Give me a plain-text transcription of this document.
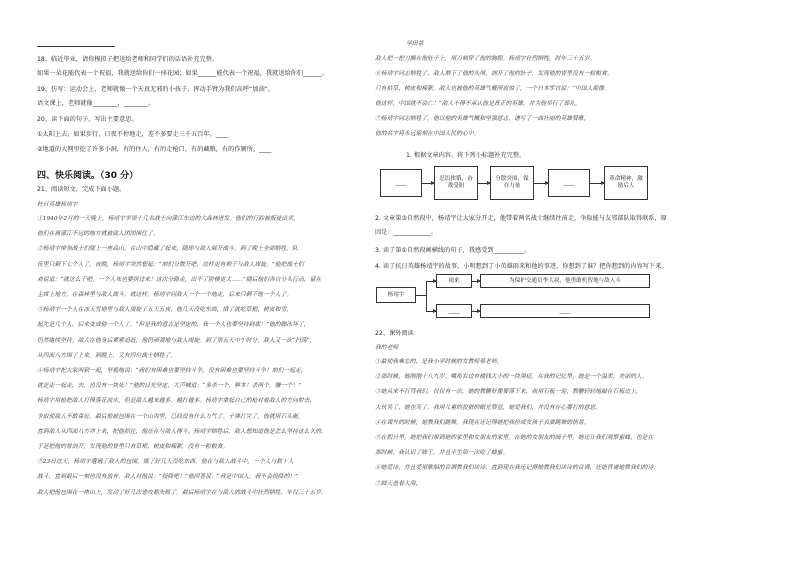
18、临近毕业，请你模拟子把送给老师和同学们的话语补充完整。
如果一朵花能代表一个祝福，我就送给你们一座花园；如果______能代表一个祝福，我就送给你们______。
19、仿写：运动会上，老师就像一个天真无邪的小孩子，挥动手臂为我们高呼“加油”。
语文课上，老师就像________，________。
20、读下面的句子，写出主要意思。
①太阳上去，如果步行，日夜不停地走，差不多要走三千五百年。____
②地道的大网里挖了许多小洞，有的住人，有的走枪口，有的藏粮，有的作厕所。____
四、快乐阅读。（30 分）
21、阅读短文，完成下面小题。
杜日英雄杨靖宇
①1940年2月的一天晚上，杨靖宇率领十几名战士向濛江东边的大森林进发。他们的行踪被叛徒出卖，
他们在离濛江不远的地方就被敌人团团围住了。
②杨靖宇带领战士们爬上一座高山，在山中隐藏了起来，随即与敌人展开战斗。到了晚上全部牺牲，队
伍里只剩下七个人了。夜晚，杨靖宇突然想起：“咱们分散开吧，这样更有利于与敌人周旋。”他把战士们
劝说道：“就这么干吧，一个人死也要拼过来！这次分路走，出不了阶梯更大……”随后他们各自分头行动，留在
主席上地方，在森林里与敌人战斗。就这样，杨靖宇同敌人一个一个地走，后来只剩下他一个人了。
③杨靖宇一个人在冰天雪地里与敌人周旋了五天五夜，他几天没吃东西，饿了就吃草根、树皮和雪，
起先是几个人，后来变成他一个人了。“但是我的意志是坚定的，我一个人也要坚持到底！”他的脚冻坏了，
仍然继续坚持。敌人在他身后紧紧追赶，他仍顽强地与敌人周旋。到了第五天中午时分，敌人又一次“扫荡”，
从四面八方围了上来。到晚上，又有四位战士牺牲了。
④杨靖宇把大家叫到一起，坚毅地说：“我们有困难也要坚持斗争，没有困难也要坚持斗争！咱们一起走，
就是走一起走，去，也没有一块死！”他的目光坚定，大声喊道：“多杀一个，够本！杀两个，赚一个！”
杨靖宇用枪把敌人打得落花流水，但是敌人越来越多，越打越多。杨靖宇拿起自己的枪对着敌人的方向射去，
争取使敌人不敢靠近。最后他被包围在一个山沟里，已经没有什么力气了。子弹打完了，他就用石头砸，
直到敌人从四面八方冲上来，把他抓住，他还在与敌人搏斗。杨靖宇牺牲后，敌人想知道他是怎么坚持这么久的，
于是把他的胃剖开，发现他的胃里只有草根、树皮和棉絮，没有一粒粮食。
⑤23日这天，杨靖宇遭遇了敌人的包围，饿了好几天没吃东西，他在与敌人战斗中，一个人与数十人
战斗，直到最后一刻也没有放弃。敌人对他说：“投降吧！”他回答说：“我是中国人，我不会投降的！”
敌人把他包围在一座山上，发动了好几次进攻都失败了。最后杨靖宇在与敌人的战斗中壮烈牺牲，年仅三十五岁。
学田景
敌人把一把刀搁在他肚子上，用刀刺穿了他的胸膛。杨靖宇壮烈牺牲，时年三十五岁。
⑥杨靖宇同志牺牲了，敌人割下了他的头颅，剖开了他的肚子，发现他的胃里没有一粒粮食。
只有枯草、树皮和棉絮。敌人也被他的英雄气概所震惊了，一个日本军官说：“中国人都像
他这样，中国就不会亡！”敌人不得不承认他是真正的英雄，并为他举行了葬礼。
⑦杨靖宇同志牺牲了，他以他的英雄气概和坚强意志，谱写了一曲壮丽的英雄赞歌，
他的名字将永远铭刻在中国人民的心中。
1. 根据文章内容，将下列小标题补充完整。
____
忍饥挨饿，奋战受阻
分散突围，保存力量
____
革命精神，激励后人
2. 文章第③自然段中，杨靖宇让大家分开走，他带着两名战士继续往前走，争取能与友邻部队取得联系，原
因是：____________。
3. 读了第①自然段画横线的句子，我感受到__________。
4. 读了抗日英雄杨靖宇的故事，小明想到了小英雄雨来和他的事迹，你想到了谁？把你想到的内容写下来。
杨靖宇
雨来	为保护交通员李大叔，他勇敢机智地与敌人斗
____	____
22、课外阅读
我的老师
①最使我难忘的，是我小学时候的女教师蔡老师。
②那时候，她刚刚十八九岁。嘴角右边有榆钱大小的一块黑痣。在我的记忆里，她是一个温柔、美丽的人。
③她从来不打骂我们。仅仅有一次，她的教鞭好像要落下来，我用石板一迎，教鞭轻轻地敲在石板边上，
大伙笑了，她也笑了。我用儿童的狡猾的眼光察觉，她爱我们，并没有存心要打的意思。
④在课外的时候，她教我们跳舞，我现在还记得她把我扮成女孩子表演跳舞的情景。
⑤在假日里，她把我们带到她的家里和女朋友的家里。在她的女朋友的园子里，她还让我们观察蜜蜂，也是在
那时候，我认识了蜂王，并且平生第一次吃了蜂蜜。
⑥她爱诗，并且爱用歌唱的音调教我们读诗。直到现在我还记得她教我们读诗的音调，还能背诵她教我们的诗：
⑦圆天盖着大海，
